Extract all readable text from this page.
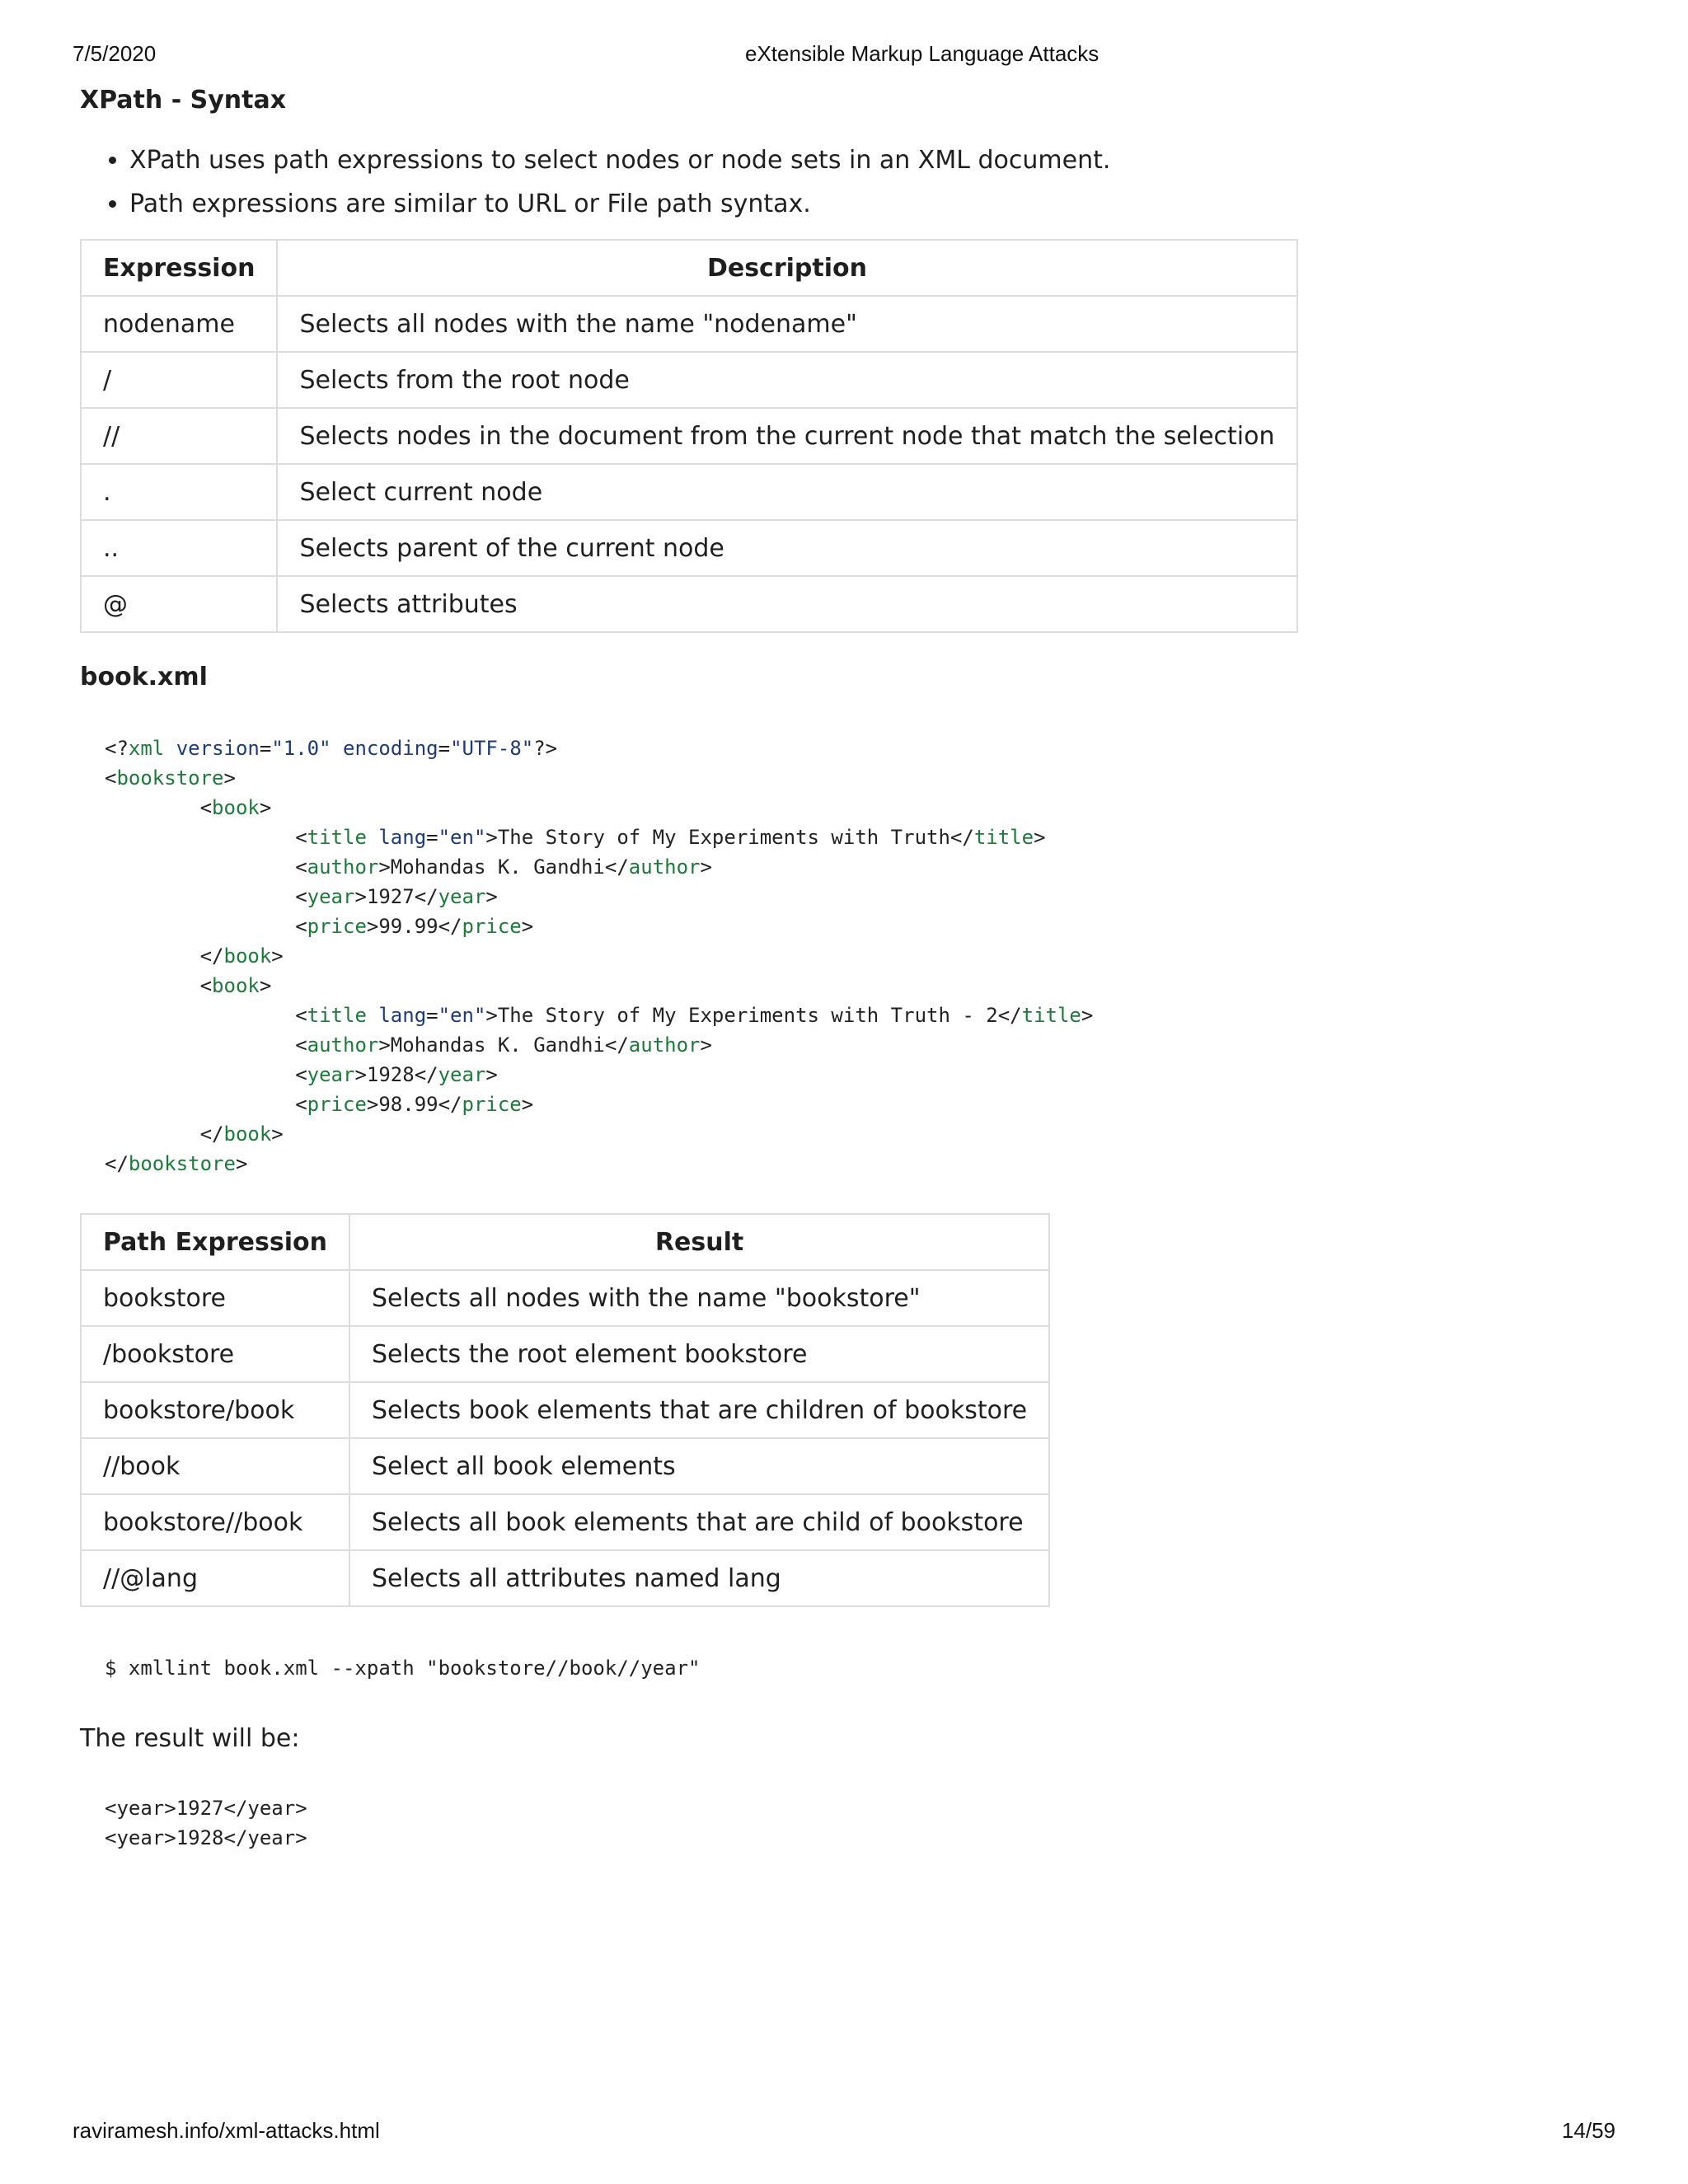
7/5/2020	eXtensible Markup Language Attacks
XPath - Syntax
• XPath uses path expressions to select nodes or node sets in an XML document.
• Path expressions are similar to URL or File path syntax.
Expression	Description
nodename	Selects all nodes with the name "nodename"
/	Selects from the root node
//	Selects nodes in the document from the current node that match the selection
.	Select current node
..	Selects parent of the current node
@	Selects attributes
book.xml
<?xml version="1.0" encoding="UTF-8"?>
<bookstore>
	<book>
		<title lang="en">The Story of My Experiments with Truth</title>
		<author>Mohandas K. Gandhi</author>
		<year>1927</year>
		<price>99.99</price>
	</book>
	<book>
		<title lang="en">The Story of My Experiments with Truth - 2</title>
		<author>Mohandas K. Gandhi</author>
		<year>1928</year>
		<price>98.99</price>
	</book>
</bookstore>
Path Expression	Result
bookstore	Selects all nodes with the name "bookstore"
/bookstore	Selects the root element bookstore
bookstore/book	Selects book elements that are children of bookstore
//book	Select all book elements
bookstore//book	Selects all book elements that are child of bookstore
//@lang	Selects all attributes named lang
$ xmllint book.xml --xpath "bookstore//book//year"

The result will be:

<year>1927</year>
<year>1928</year>
raviramesh.info/xml-attacks.html	14/59
